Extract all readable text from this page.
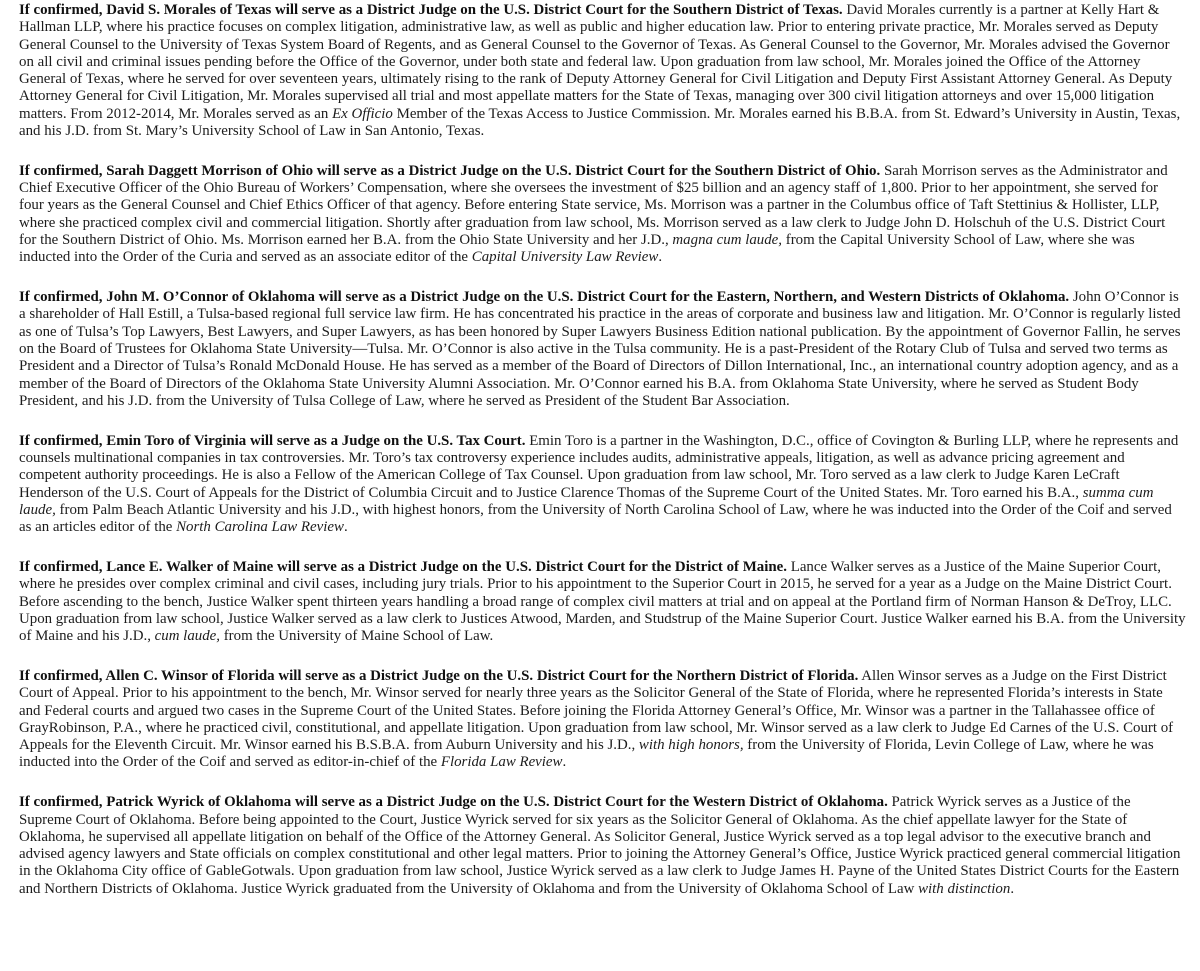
If confirmed, David S. Morales of Texas will serve as a District Judge on the U.S. District Court for the Southern District of Texas. David Morales currently is a partner at Kelly Hart & Hallman LLP, where his practice focuses on complex litigation, administrative law, as well as public and higher education law. Prior to entering private practice, Mr. Morales served as Deputy General Counsel to the University of Texas System Board of Regents, and as General Counsel to the Governor of Texas. As General Counsel to the Governor, Mr. Morales advised the Governor on all civil and criminal issues pending before the Office of the Governor, under both state and federal law. Upon graduation from law school, Mr. Morales joined the Office of the Attorney General of Texas, where he served for over seventeen years, ultimately rising to the rank of Deputy Attorney General for Civil Litigation and Deputy First Assistant Attorney General. As Deputy Attorney General for Civil Litigation, Mr. Morales supervised all trial and most appellate matters for the State of Texas, managing over 300 civil litigation attorneys and over 15,000 litigation matters. From 2012-2014, Mr. Morales served as an Ex Officio Member of the Texas Access to Justice Commission. Mr. Morales earned his B.B.A. from St. Edward’s University in Austin, Texas, and his J.D. from St. Mary’s University School of Law in San Antonio, Texas.

If confirmed, Sarah Daggett Morrison of Ohio will serve as a District Judge on the U.S. District Court for the Southern District of Ohio. Sarah Morrison serves as the Administrator and Chief Executive Officer of the Ohio Bureau of Workers’ Compensation, where she oversees the investment of $25 billion and an agency staff of 1,800. Prior to her appointment, she served for four years as the General Counsel and Chief Ethics Officer of that agency. Before entering State service, Ms. Morrison was a partner in the Columbus office of Taft Stettinius & Hollister, LLP, where she practiced complex civil and commercial litigation. Shortly after graduation from law school, Ms. Morrison served as a law clerk to Judge John D. Holschuh of the U.S. District Court for the Southern District of Ohio. Ms. Morrison earned her B.A. from the Ohio State University and her J.D., magna cum laude, from the Capital University School of Law, where she was inducted into the Order of the Curia and served as an associate editor of the Capital University Law Review.

If confirmed, John M. O’Connor of Oklahoma will serve as a District Judge on the U.S. District Court for the Eastern, Northern, and Western Districts of Oklahoma. John O’Connor is a shareholder of Hall Estill, a Tulsa-based regional full service law firm. He has concentrated his practice in the areas of corporate and business law and litigation. Mr. O’Connor is regularly listed as one of Tulsa’s Top Lawyers, Best Lawyers, and Super Lawyers, as has been honored by Super Lawyers Business Edition national publication. By the appointment of Governor Fallin, he serves on the Board of Trustees for Oklahoma State University—Tulsa. Mr. O’Connor is also active in the Tulsa community. He is a past-President of the Rotary Club of Tulsa and served two terms as President and a Director of Tulsa’s Ronald McDonald House. He has served as a member of the Board of Directors of Dillon International, Inc., an international country adoption agency, and as a member of the Board of Directors of the Oklahoma State University Alumni Association. Mr. O’Connor earned his B.A. from Oklahoma State University, where he served as Student Body President, and his J.D. from the University of Tulsa College of Law, where he served as President of the Student Bar Association.

If confirmed, Emin Toro of Virginia will serve as a Judge on the U.S. Tax Court. Emin Toro is a partner in the Washington, D.C., office of Covington & Burling LLP, where he represents and counsels multinational companies in tax controversies. Mr. Toro’s tax controversy experience includes audits, administrative appeals, litigation, as well as advance pricing agreement and competent authority proceedings. He is also a Fellow of the American College of Tax Counsel. Upon graduation from law school, Mr. Toro served as a law clerk to Judge Karen LeCraft Henderson of the U.S. Court of Appeals for the District of Columbia Circuit and to Justice Clarence Thomas of the Supreme Court of the United States. Mr. Toro earned his B.A., summa cum laude, from Palm Beach Atlantic University and his J.D., with highest honors, from the University of North Carolina School of Law, where he was inducted into the Order of the Coif and served as an articles editor of the North Carolina Law Review.

If confirmed, Lance E. Walker of Maine will serve as a District Judge on the U.S. District Court for the District of Maine. Lance Walker serves as a Justice of the Maine Superior Court, where he presides over complex criminal and civil cases, including jury trials. Prior to his appointment to the Superior Court in 2015, he served for a year as a Judge on the Maine District Court. Before ascending to the bench, Justice Walker spent thirteen years handling a broad range of complex civil matters at trial and on appeal at the Portland firm of Norman Hanson & DeTroy, LLC. Upon graduation from law school, Justice Walker served as a law clerk to Justices Atwood, Marden, and Studstrup of the Maine Superior Court. Justice Walker earned his B.A. from the University of Maine and his J.D., cum laude, from the University of Maine School of Law.

If confirmed, Allen C. Winsor of Florida will serve as a District Judge on the U.S. District Court for the Northern District of Florida. Allen Winsor serves as a Judge on the First District Court of Appeal. Prior to his appointment to the bench, Mr. Winsor served for nearly three years as the Solicitor General of the State of Florida, where he represented Florida’s interests in State and Federal courts and argued two cases in the Supreme Court of the United States. Before joining the Florida Attorney General’s Office, Mr. Winsor was a partner in the Tallahassee office of GrayRobinson, P.A., where he practiced civil, constitutional, and appellate litigation. Upon graduation from law school, Mr. Winsor served as a law clerk to Judge Ed Carnes of the U.S. Court of Appeals for the Eleventh Circuit. Mr. Winsor earned his B.S.B.A. from Auburn University and his J.D., with high honors, from the University of Florida, Levin College of Law, where he was inducted into the Order of the Coif and served as editor-in-chief of the Florida Law Review.

If confirmed, Patrick Wyrick of Oklahoma will serve as a District Judge on the U.S. District Court for the Western District of Oklahoma. Patrick Wyrick serves as a Justice of the Supreme Court of Oklahoma. Before being appointed to the Court, Justice Wyrick served for six years as the Solicitor General of Oklahoma. As the chief appellate lawyer for the State of Oklahoma, he supervised all appellate litigation on behalf of the Office of the Attorney General. As Solicitor General, Justice Wyrick served as a top legal advisor to the executive branch and advised agency lawyers and State officials on complex constitutional and other legal matters. Prior to joining the Attorney General’s Office, Justice Wyrick practiced general commercial litigation in the Oklahoma City office of GableGotwals. Upon graduation from law school, Justice Wyrick served as a law clerk to Judge James H. Payne of the United States District Courts for the Eastern and Northern Districts of Oklahoma. Justice Wyrick graduated from the University of Oklahoma and from the University of Oklahoma School of Law with distinction.
